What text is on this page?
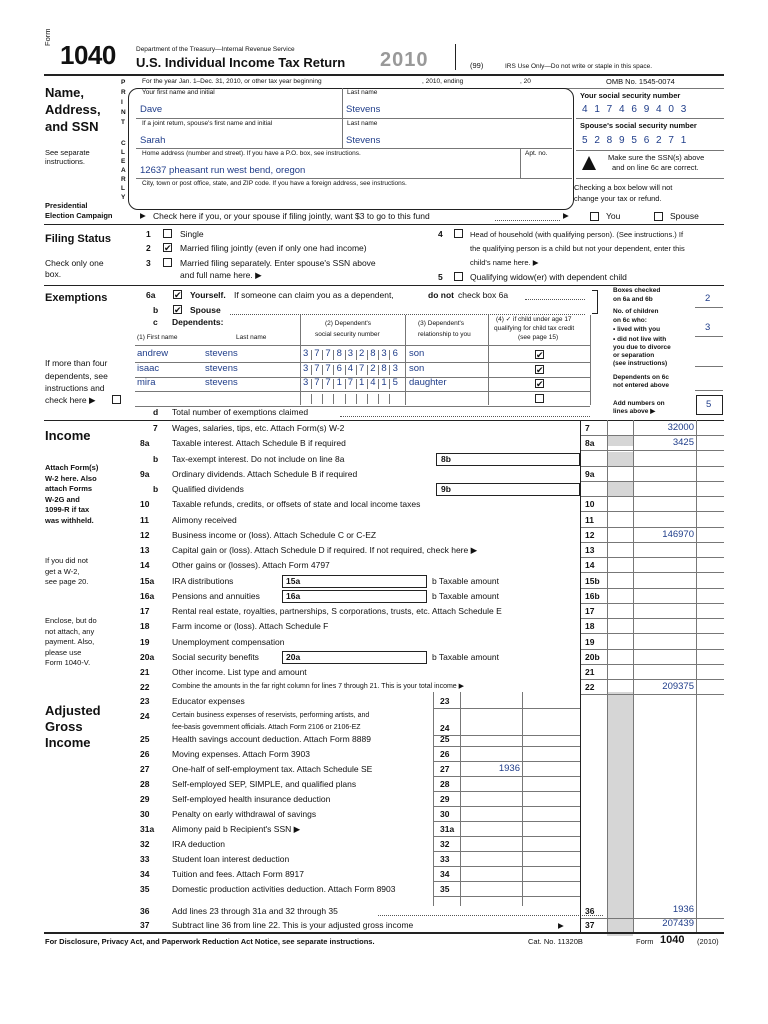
Form
1040	Department of the Treasury—Internal Revenue Service
U.S. Individual Income Tax Return 2010	(99)	IRS Use Only—Do not write or staple in this space.
For the year Jan. 1–Dec. 31, 2010, or other tax year beginning	, 2010, ending	, 20	OMB No. 1545-0074
Name,
Address,
and SSN
See separate
instructions.
P
R
I
N
T
C
L
E
A
R
L
Y
Your first name and initial	Last name
Dave	Stevens
If a joint return, spouse's first name and initial	Last name
Sarah	Stevens
Home address (number and street). If you have a P.O. box, see instructions.	Apt. no.
12637 pheasant run west bend, oregon
City, town or post office, state, and ZIP code. If you have a foreign address, see instructions.
Your social security number
4 1 7 4 6 9 4 0 3
Spouse's social security number
5 2 8 9 5 6 2 7 1
Make sure the SSN(s) above
and on line 6c are correct.
Checking a box below will not
change your tax or refund.
Presidential
Election Campaign	▶ Check here if you, or your spouse if filing jointly, want $3 to go to this fund	▶	You	Spouse
Filing Status
Check only one
box.
1	Single
2 ✔ Married filing jointly (even if only one had income)
3	Married filing separately. Enter spouse's SSN above
and full name here. ▶
4	Head of household (with qualifying person). (See instructions.) If
the qualifying person is a child but not your dependent, enter this
child's name here. ▶
5	Qualifying widow(er) with dependent child
Exemptions	6a ✔ Yourself. If someone can claim you as a dependent,	do not check box 6a
b ✔ Spouse
Boxes checked
on 6a and 6b	2
No. of children
on 6c who:
• lived with you	3
• did not live with
you due to divorce
or separation
(see instructions)
Dependents on 6c
not entered above
Add numbers on
lines above ▶
5
c Dependents:
(1) First name	Last name
(2) Dependent's
social security number
(3) Dependent's
relationship to you
(4) ✓ if child under age 17
qualifying for child tax credit
(see page 15)
andrew	stevens	3 7 7 8 3 2 8 3 6 son	✔
isaac	stevens	3 7 7 6 4 7 2 8 3 son	✔
mira	stevens	3 7 7 1 7 1 4 1 5 daughter	✔
If more than four
dependents, see
instructions and
check here ▶
d Total number of exemptions claimed
Income
Attach Form(s)
W-2 here. Also
attach Forms
W-2G and
1099-R if tax
was withheld.
If you did not
get a W-2,
see page 20.
Enclose, but do
not attach, any
payment. Also,
please use
Form 1040-V.
7 Wages, salaries, tips, etc. Attach Form(s) W-2	7	32000
8a	Taxable interest. Attach Schedule B if required	8a	3425
b Tax-exempt interest. Do not include on line 8a	8b
9a	Ordinary dividends. Attach Schedule B if required	9a
b Qualified dividends	9b
10	Taxable refunds, credits, or offsets of state and local income taxes	10
11	Alimony received	11
12	Business income or (loss). Attach Schedule C or C-EZ	12	146970
13	Capital gain or (loss). Attach Schedule D if required. If not required, check here ▶	13
14	Other gains or (losses). Attach Form 4797	14
15a IRA distributions	15a	b Taxable amount	15b
16a Pensions and annuities	16a	b Taxable amount	16b
17	Rental real estate, royalties, partnerships, S corporations, trusts, etc. Attach Schedule E	17
18	Farm income or (loss). Attach Schedule F	18
19	Unemployment compensation	19
20a Social security benefits	20a	b Taxable amount	20b
21	Other income. List type and amount	21
22	Combine the amounts in the far right column for lines 7 through 21. This is your total income ▶	22	209375
23	Educator expenses	23
24	Certain business expenses of reservists, performing artists, and
fee-basis government officials. Attach Form 2106 or 2106-EZ	24
25	Health savings account deduction. Attach Form 8889	25
26	Moving expenses. Attach Form 3903	26
27	One-half of self-employment tax. Attach Schedule SE	27	1936
28	Self-employed SEP, SIMPLE, and qualified plans	28
29	Self-employed health insurance deduction	29
30	Penalty on early withdrawal of savings	30
31a Alimony paid b Recipient's SSN ▶	31a
32	IRA deduction	32
33	Student loan interest deduction	33
34	Tuition and fees. Attach Form 8917	34
35	Domestic production activities deduction. Attach Form 8903	35
Adjusted
Gross
Income
36	Add lines 23 through 31a and 32 through 35	36	1936
37	Subtract line 36 from line 22. This is your adjusted gross income	▶ 37	207439
For Disclosure, Privacy Act, and Paperwork Reduction Act Notice, see separate instructions.	Cat. No. 11320B	Form 1040 (2010)
